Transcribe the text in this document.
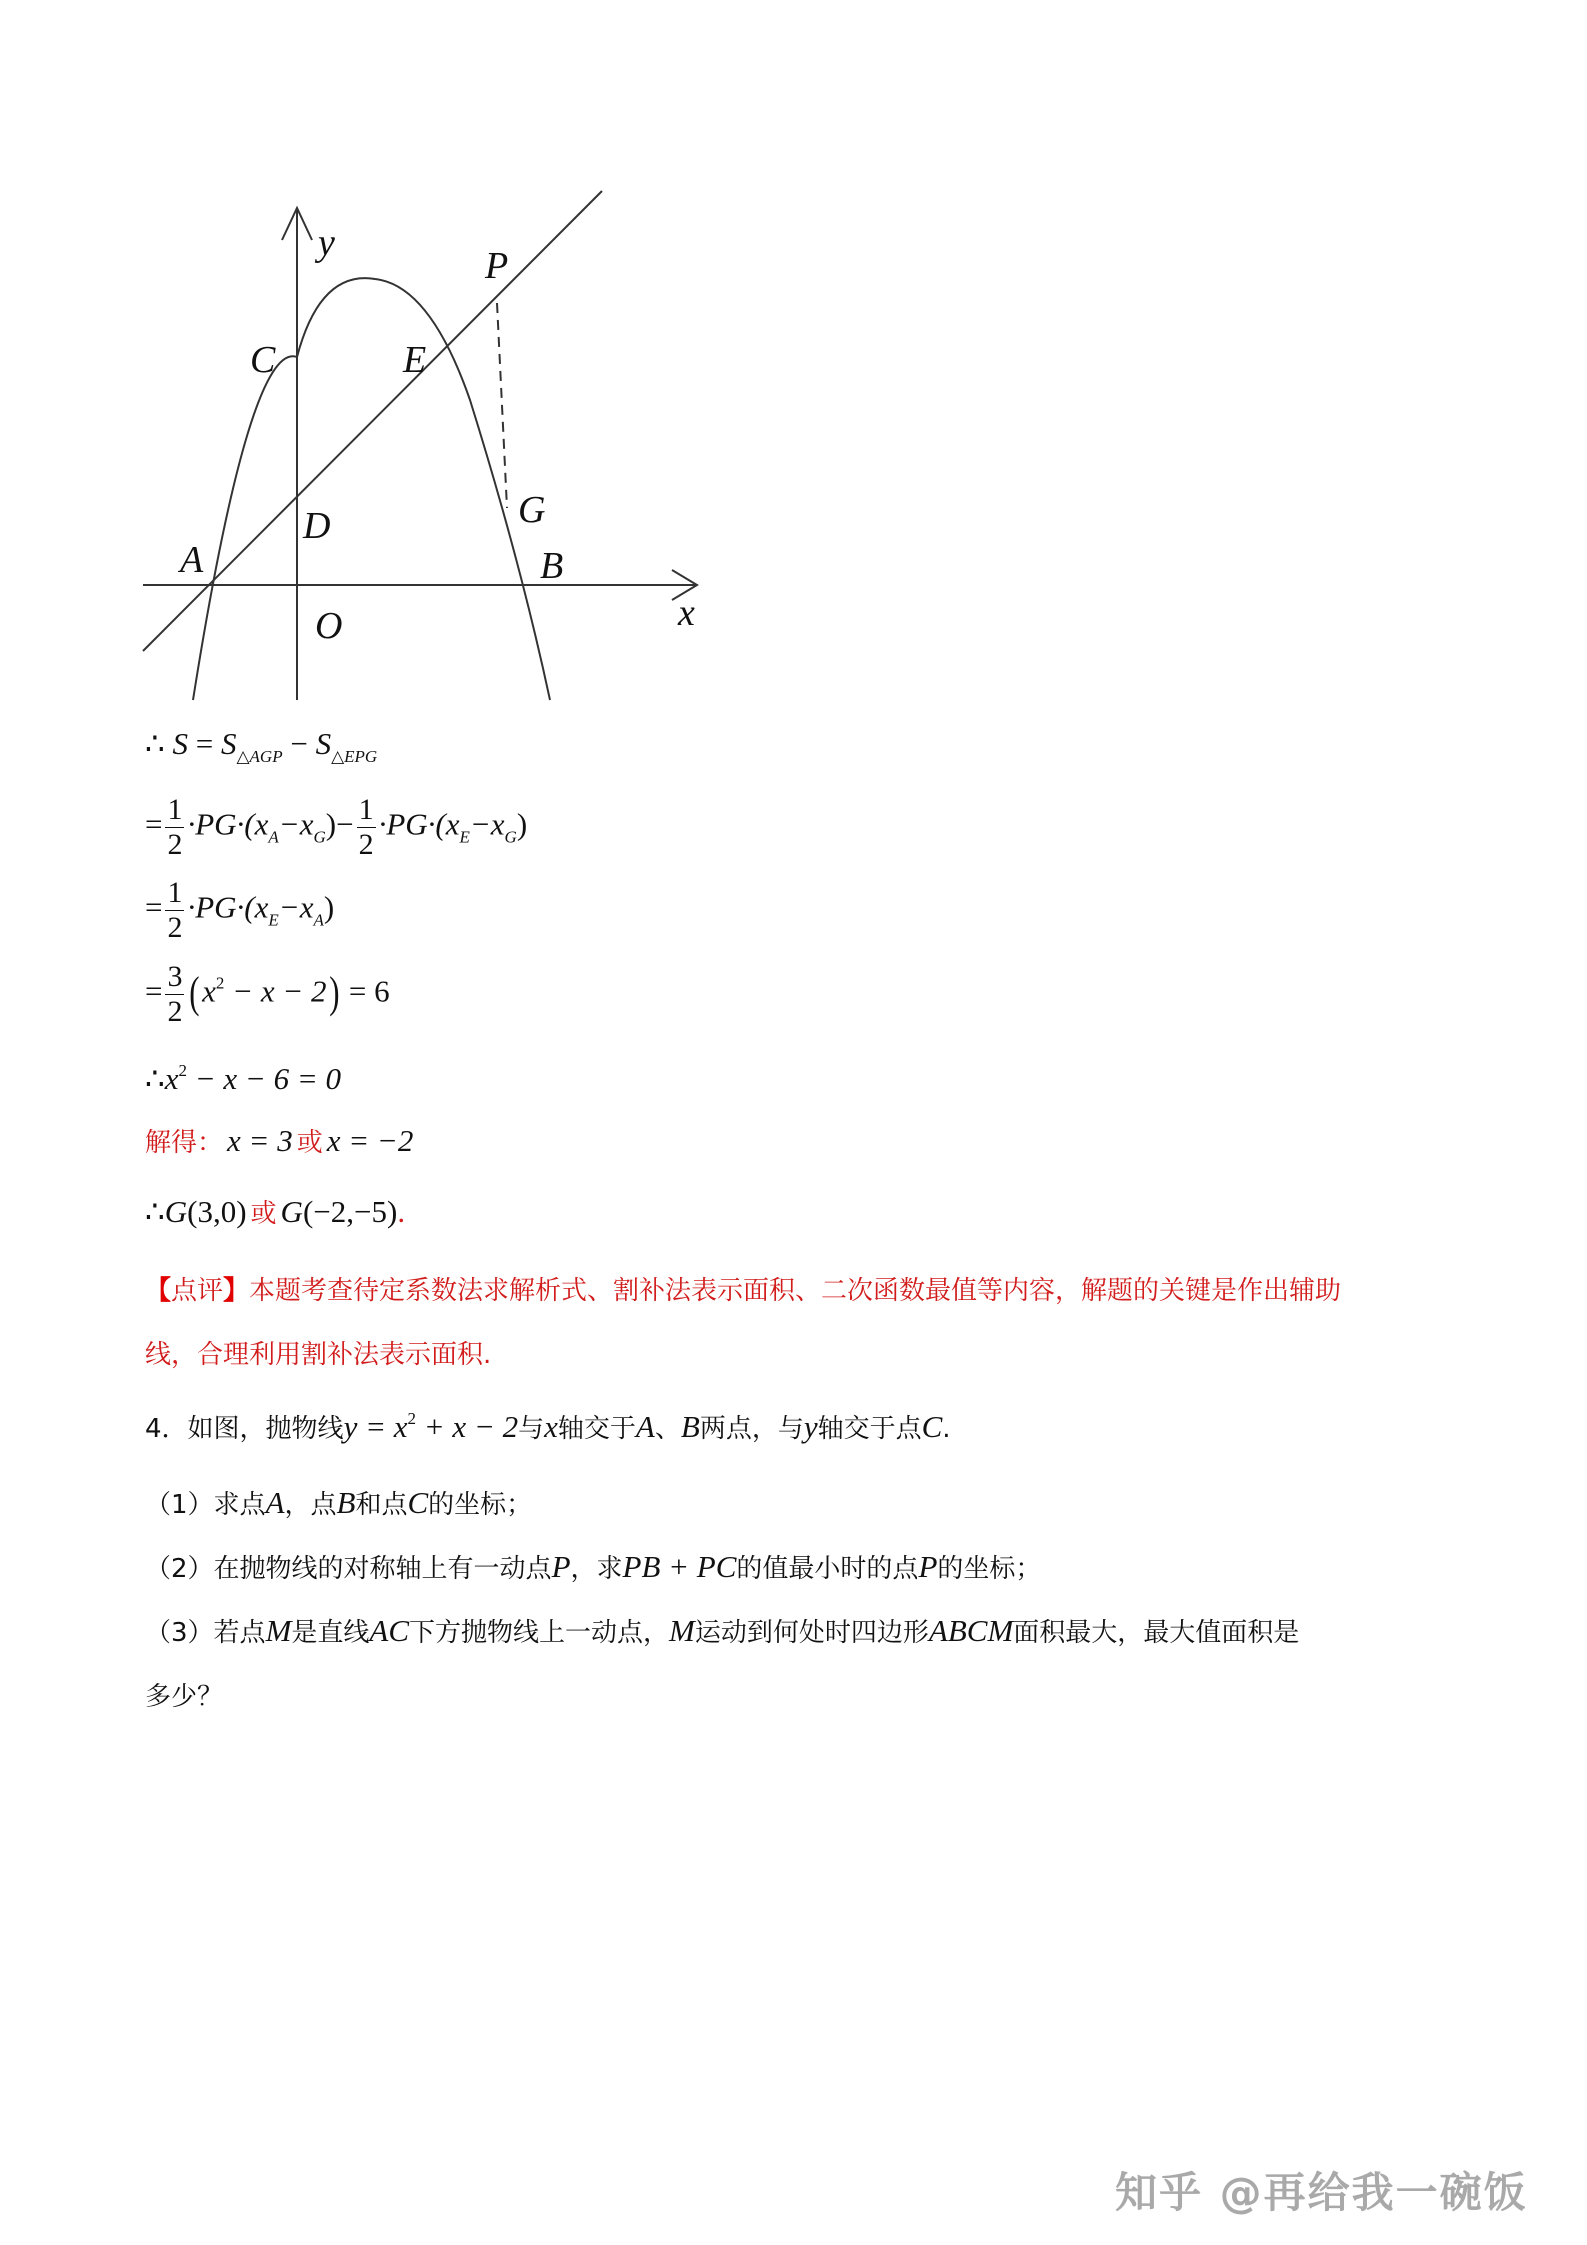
y
P
C	E
G
D
A	B
O	x
∴ $S = S_{\triangle AGP} - S_{\triangle EPG}$
= $\frac{1}{2} \cdot PG\cdot(x_A-x_G)- \frac{1}{2} \cdot PG\cdot(x_E-x_G)$
= $\frac{1}{2} \cdot PG\cdot(x_E-x_A)$
= $\frac{3}{2} (x^2 - x - 2) = 6$
$\therefore x^2 - x - 6 = 0$
解得： x = 3 或 x = −2
∴G(3,0) 或 G(−2,−5).
【点评】本题考查待定系数法求解析式、割补法表示面积、二次函数最值等内容，解题的关键是作出辅助
线，合理利用割补法表示面积.
4．如图，抛物线$y = x^2 + x - 2$与x轴交于A、B两点，与y轴交于点C.
（1）求点A，点B和点C的坐标；
（2）在抛物线的对称轴上有一动点P，求PB + PC的值最小时的点P的坐标；
（3）若点M是直线AC下方抛物线上一动点，M运动到何处时四边形ABCM面积最大，最大值面积是
多少？
知乎 @再给我一碗饭
